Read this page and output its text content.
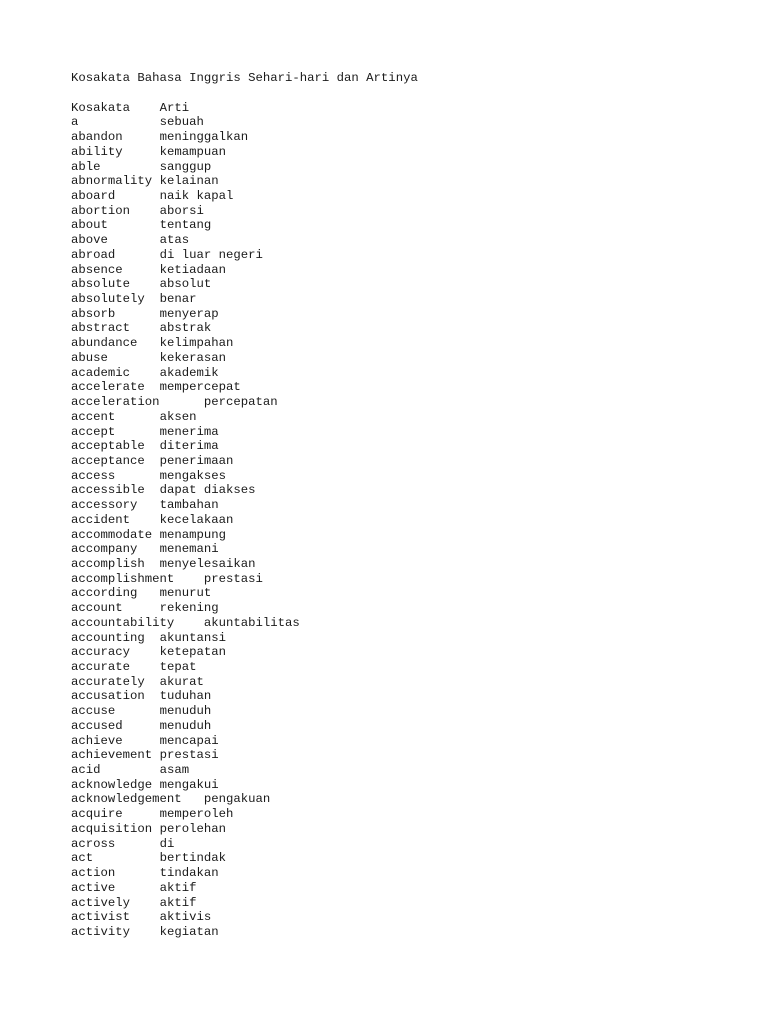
Kosakata Bahasa Inggris Sehari-hari dan Artinya
Kosakata Arti
a	sebuah
abandon	meninggalkan
ability	kemampuan
able	sanggup
abnormality kelainan
aboard	naik kapal
abortion aborsi
about	tentang
above	atas
abroad	di luar negeri
absence	ketiadaan
absolute absolut
absolutely benar
absorb	menyerap
abstract abstrak
abundance kelimpahan
abuse	kekerasan
academic akademik
accelerate mempercepat
acceleration	percepatan
accent	aksen
accept	menerima
acceptable diterima
acceptance penerimaan
access	mengakses
accessible dapat diakses
accessory tambahan
accident kecelakaan
accommodate menampung
accompany menemani
accomplish menyelesaikan
accomplishment prestasi
according menurut
account	rekening
accountability akuntabilitas
accounting akuntansi
accuracy ketepatan
accurate tepat
accurately akurat
accusation tuduhan
accuse	menuduh
accused	menuduh
achieve	mencapai
achievement prestasi
acid	asam
acknowledge mengakui
acknowledgement pengakuan
acquire	memperoleh
acquisition perolehan
across	di
act	bertindak
action	tindakan
active	aktif
actively aktif
activist aktivis
activity kegiatan
